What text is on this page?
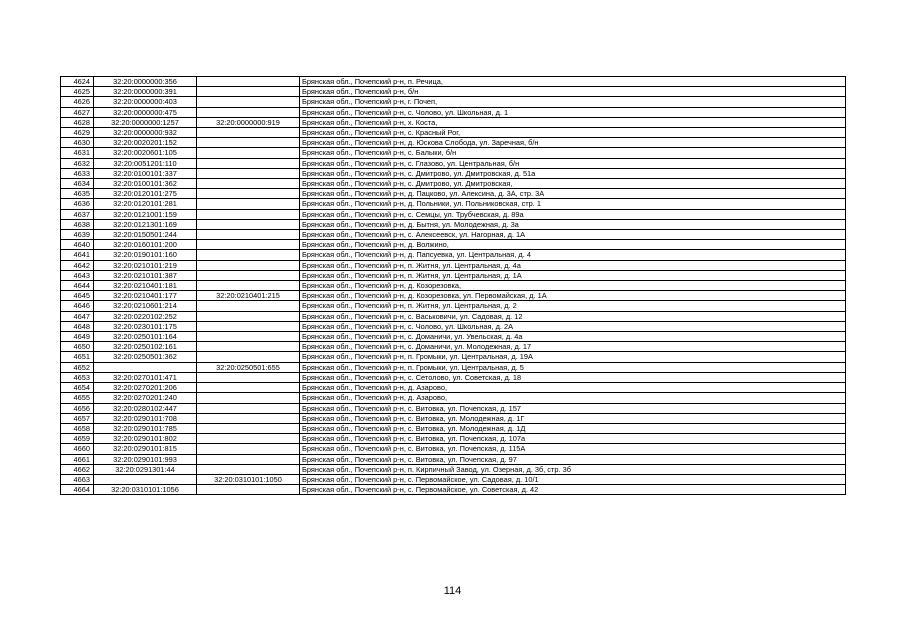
4624	32:20:0000000:356		Брянская обл., Почепский р-н, п. Речица,
4625	32:20:0000000:391		Брянская обл., Почепский р-н, б/н
4626	32:20:0000000:403		Брянская обл., Почепский р-н, г. Почеп,
4627	32:20:0000000:475		Брянская обл., Почепский р-н, с. Чолово, ул. Школьная, д. 1
4628	32:20:0000000:1257	32:20:0000000:919	Брянская обл., Почепский р-н, х. Коста,
4629	32:20:0000000:932		Брянская обл., Почепский р-н, с. Красный Рог,
4630	32:20:0020201:152		Брянская обл., Почепский р-н, д. Юскова Слобода, ул. Заречная, б/н
4631	32:20:0020601:105		Брянская обл., Почепский р-н, с. Балыки, б/н
4632	32:20:0051201:110		Брянская обл., Почепский р-н, с. Глазово, ул. Центральная, б/н
4633	32:20:0100101:337		Брянская обл., Почепский р-н, с. Дмитрово, ул. Дмитровская, д. 51а
4634	32:20:0100101:362		Брянская обл., Почепский р-н, с. Дмитрово, ул. Дмитровская,
4635	32:20:0120101:275		Брянская обл., Почепский р-н, д. Пацково, ул. Алексина, д. 3А, стр. 3А
4636	32:20:0120101:281		Брянская обл., Почепский р-н, д. Польники, ул. Польниковская, стр. 1
4637	32:20:0121001:159		Брянская обл., Почепский р-н, с. Семцы, ул. Трубчевская, д. 89а
4638	32:20:0121301:169		Брянская обл., Почепский р-н, д. Бытня, ул. Молодежная, д. 3а
4639	32:20:0150501:244		Брянская обл., Почепский р-н, с. Алексеевск, ул. Нагорная, д. 1А
4640	32:20:0160101:200		Брянская обл., Почепский р-н, д. Волжино,
4641	32:20:0190101:160		Брянская обл., Почепский р-н, д. Папсуевка, ул. Центральная, д. 4
4642	32:20:0210101:219		Брянская обл., Почепский р-н, п. Житня, ул. Центральная, д. 4а
4643	32:20:0210101:387		Брянская обл., Почепский р-н, п. Житня, ул. Центральная, д. 1А
4644	32:20:0210401:181		Брянская обл., Почепский р-н, д. Козорезовка,
4645	32:20:0210401:177	32:20:0210401:215	Брянская обл., Почепский р-н, д. Козорезовка, ул. Первомайская, д. 1А
4646	32:20:0210601:214		Брянская обл., Почепский р-н, п. Житня, ул. Центральная, д. 2
4647	32:20:0220102:252		Брянская обл., Почепский р-н, с. Васьковичи, ул. Садовая, д. 12
4648	32:20:0230101:175		Брянская обл., Почепский р-н, с. Чолово, ул. Школьная, д. 2А
4649	32:20:0250101:164		Брянская обл., Почепский р-н, с. Доманичи, ул. Увельская, д. 4а
4650	32:20:0250102:161		Брянская обл., Почепский р-н, с. Доманичи, ул. Молодежная, д. 17
4651	32:20:0250501:362		Брянская обл., Почепский р-н, п. Громыки, ул. Центральная, д. 19А
4652		32:20:0250501:655	Брянская обл., Почепский р-н, п. Громыки, ул. Центральная, д. 5
4653	32:20:0270101:471		Брянская обл., Почепский р-н, с. Сетолово, ул. Советская, д. 18
4654	32:20:0270201:206		Брянская обл., Почепский р-н, д. Азарово,
4655	32:20:0270201:240		Брянская обл., Почепский р-н, д. Азарово,
4656	32:20:0280102:447		Брянская обл., Почепский р-н, с. Витовка, ул. Почепская, д. 157
4657	32:20:0290101:708		Брянская обл., Почепский р-н, с. Витовка, ул. Молодежная, д. 1Г
4658	32:20:0290101:785		Брянская обл., Почепский р-н, с. Витовка, ул. Молодежная, д. 1Д
4659	32:20:0290101:802		Брянская обл., Почепский р-н, с. Витовка, ул. Почепская, д. 107а
4660	32:20:0290101:815		Брянская обл., Почепский р-н, с. Витовка, ул. Почепская, д. 115А
4661	32:20:0290101:993		Брянская обл., Почепский р-н, с. Витовка, ул. Почепская, д. 97
4662	32:20:0291301:44		Брянская обл., Почепский р-н, п. Кирпичный Завод, ул. Озерная, д. 3б, стр. 3б
4663		32:20:0310101:1050	Брянская обл., Почепский р-н, с. Первомайское, ул. Садовая, д. 10/1
4664	32:20:0310101:1056		Брянская обл., Почепский р-н, с. Первомайское, ул. Советская, д. 42
114
